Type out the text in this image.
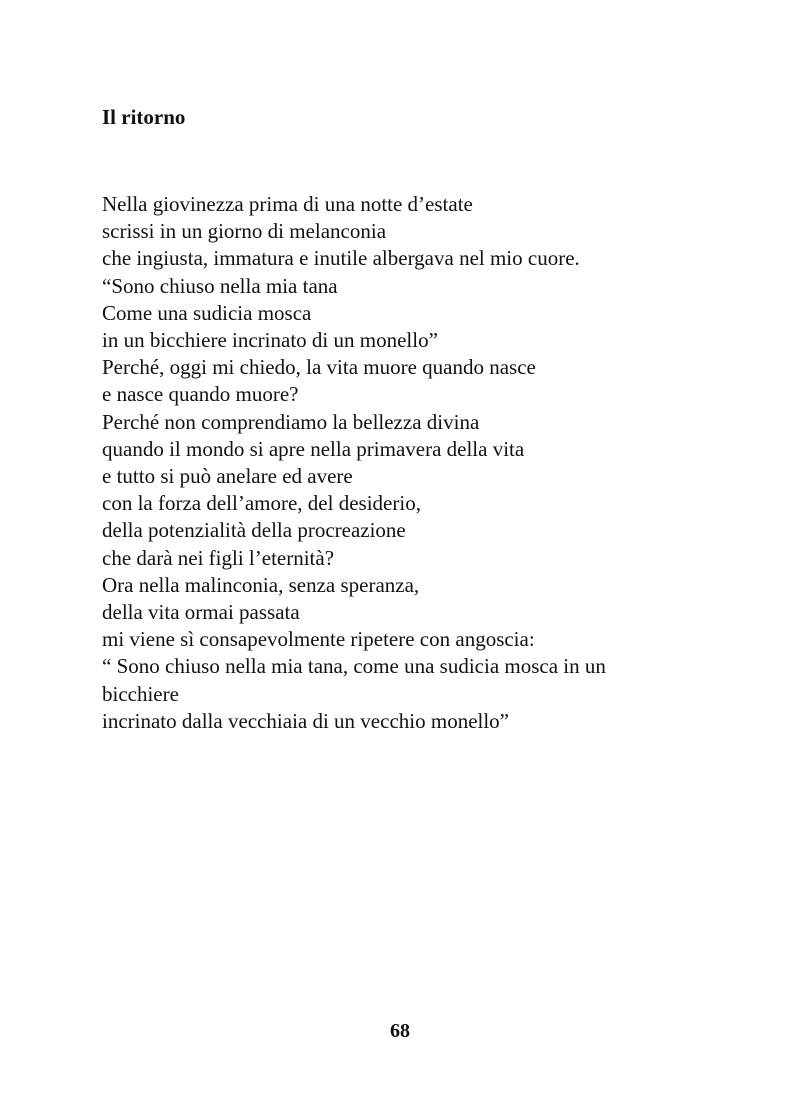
Il ritorno
Nella giovinezza prima di una notte d’estate
scrissi in un giorno di melanconia
che ingiusta, immatura e inutile albergava nel mio cuore.
“Sono chiuso nella mia tana
Come una sudicia mosca
in un bicchiere incrinato di un monello”
Perché, oggi mi chiedo, la vita muore quando nasce
e nasce quando muore?
Perché non comprendiamo la bellezza divina
quando il mondo si apre nella primavera della vita
e tutto si può anelare ed avere
con la forza dell’amore, del desiderio,
della potenzialità della procreazione
che darà nei figli l’eternità?
Ora nella malinconia, senza speranza,
della vita ormai passata
mi viene sì consapevolmente ripetere con angoscia:
“ Sono chiuso nella mia tana, come una sudicia mosca in un
bicchiere
incrinato dalla vecchiaia di un vecchio monello”

68
